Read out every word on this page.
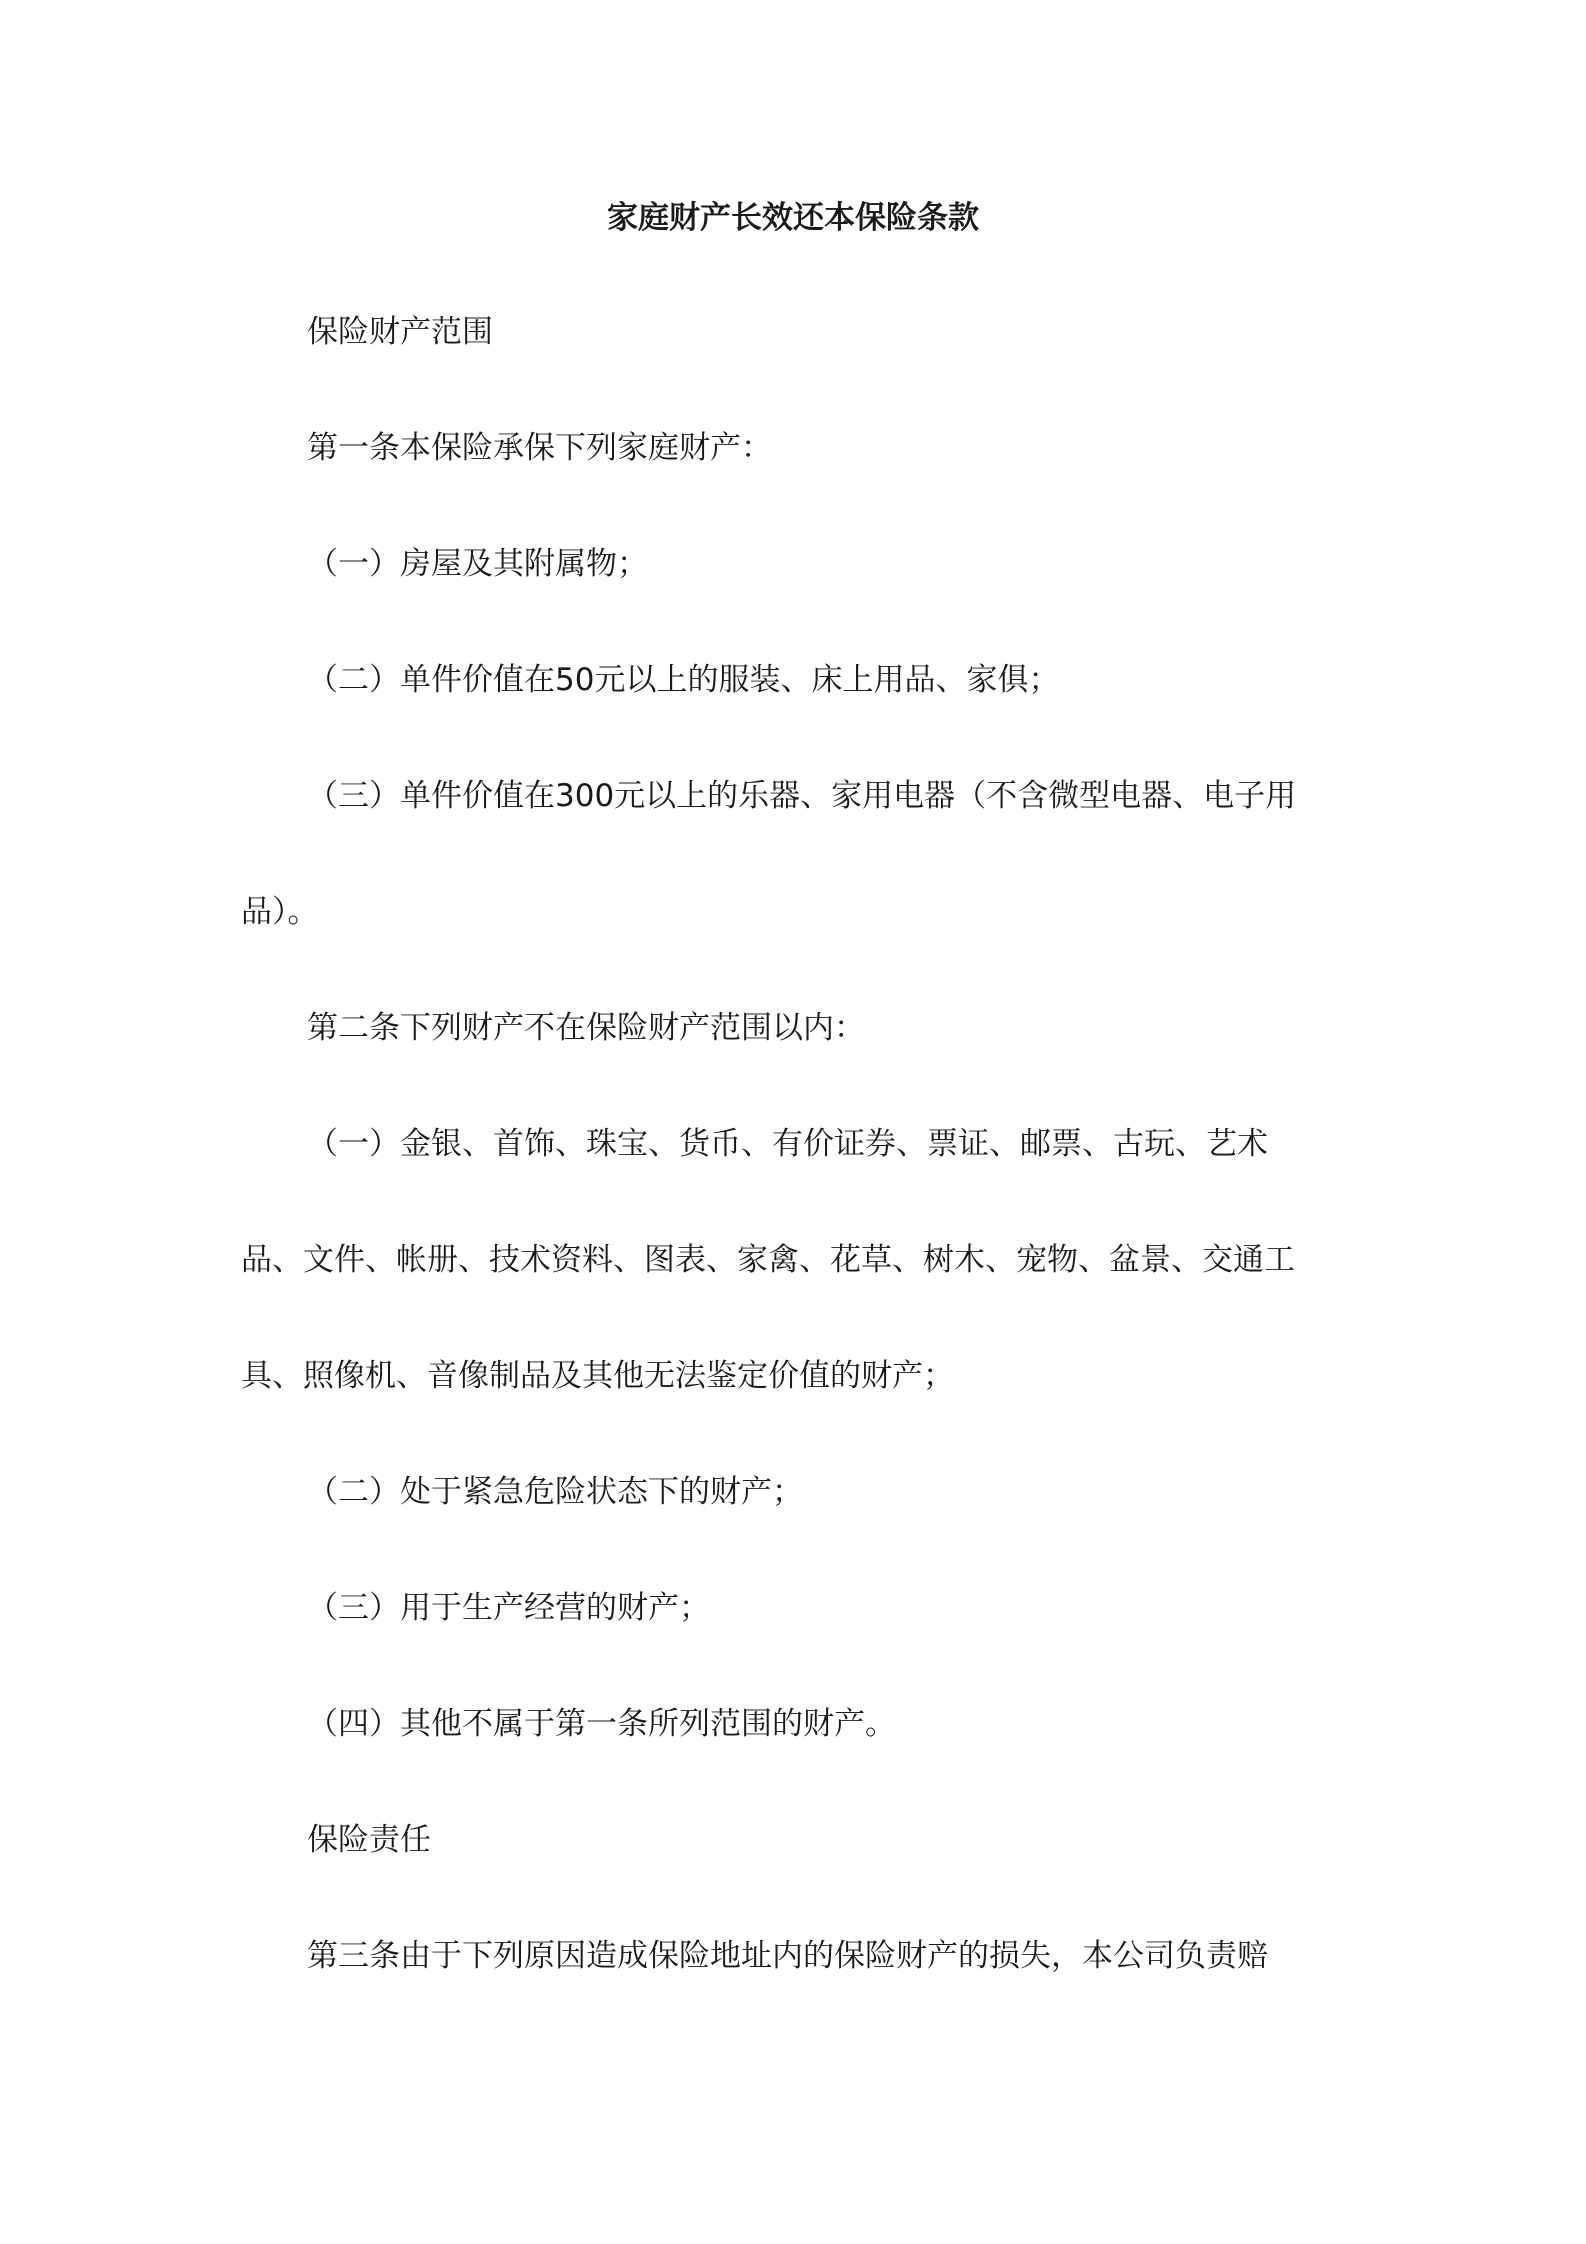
家庭财产长效还本保险条款
保险财产范围
第一条本保险承保下列家庭财产：
（一）房屋及其附属物；
（二）单件价值在50元以上的服装、床上用品、家俱；
（三）单件价值在300元以上的乐器、家用电器（不含微型电器、电子用
品）。
第二条下列财产不在保险财产范围以内：
（一）金银、首饰、珠宝、货币、有价证券、票证、邮票、古玩、艺术
品、文件、帐册、技术资料、图表、家禽、花草、树木、宠物、盆景、交通工
具、照像机、音像制品及其他无法鉴定价值的财产；
（二）处于紧急危险状态下的财产；
（三）用于生产经营的财产；
（四）其他不属于第一条所列范围的财产。
保险责任
第三条由于下列原因造成保险地址内的保险财产的损失，本公司负责赔
